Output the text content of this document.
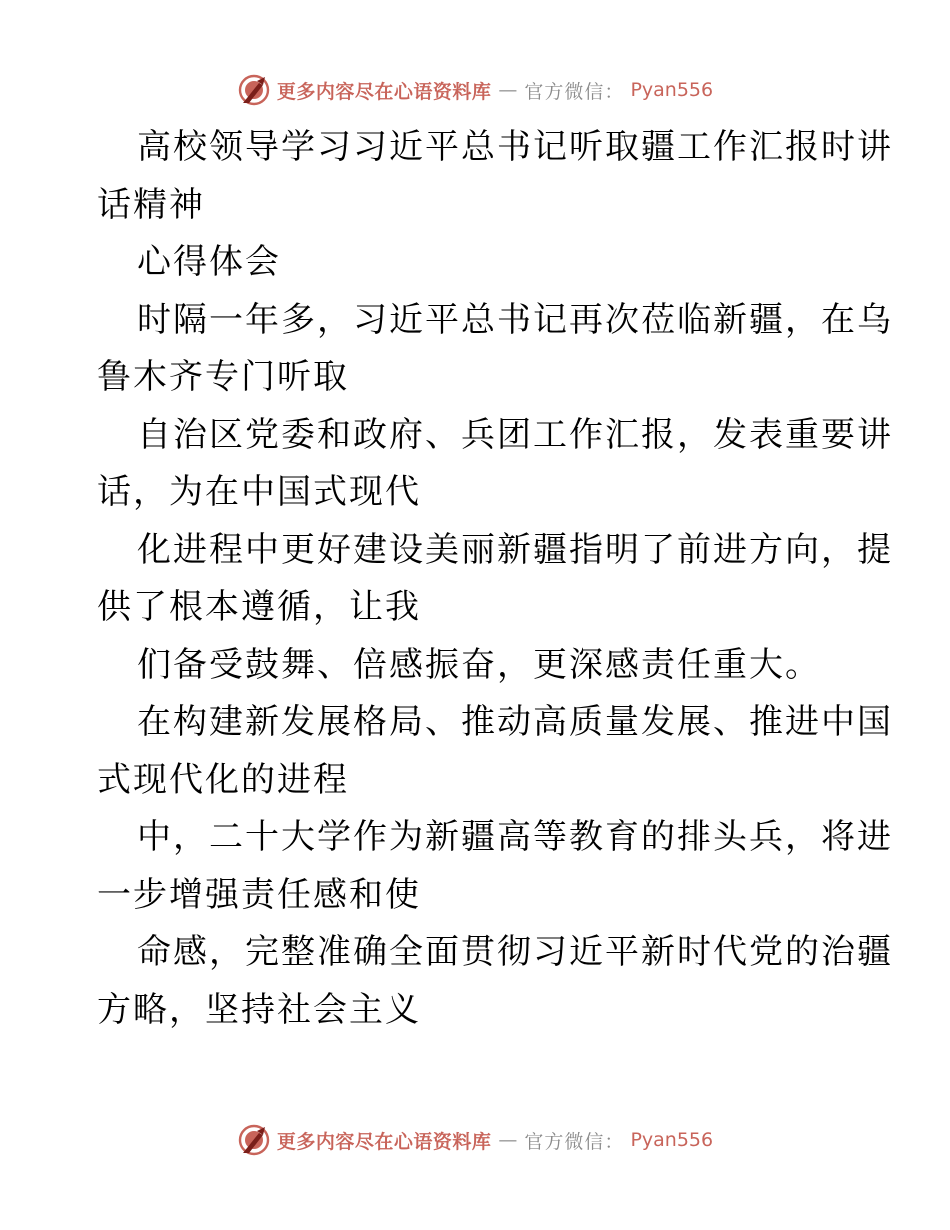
更多内容尽在心语资料库 — 官方微信： Pyan556
高校领导学习习近平总书记听取疆工作汇报时讲
话精神
心得体会
时隔一年多，习近平总书记再次莅临新疆，在乌
鲁木齐专门听取
自治区党委和政府、兵团工作汇报，发表重要讲
话，为在中国式现代
化进程中更好建设美丽新疆指明了前进方向，提
供了根本遵循，让我
们备受鼓舞、倍感振奋，更深感责任重大。
在构建新发展格局、推动高质量发展、推进中国
式现代化的进程
中，二十大学作为新疆高等教育的排头兵，将进
一步增强责任感和使
命感，完整准确全面贯彻习近平新时代党的治疆
方略，坚持社会主义
更多内容尽在心语资料库 — 官方微信： Pyan556
